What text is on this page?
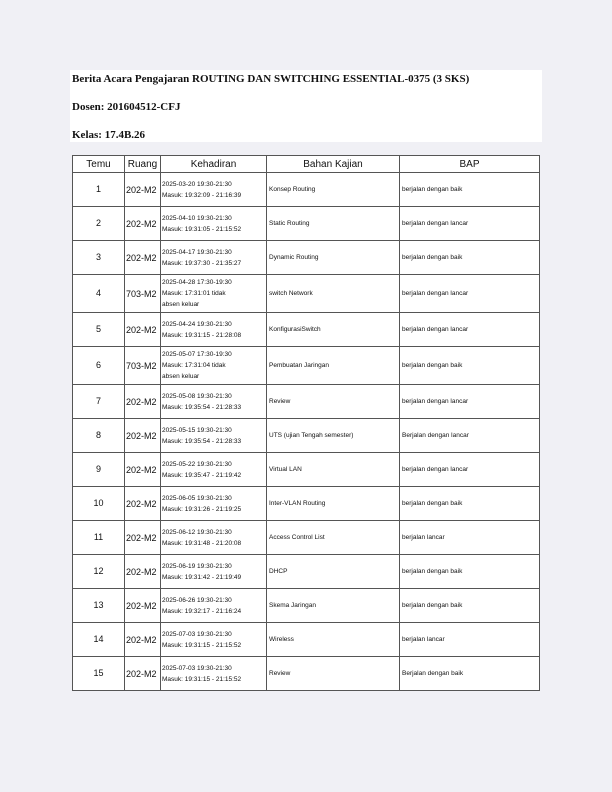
Berita Acara Pengajaran ROUTING DAN SWITCHING ESSENTIAL-0375 (3 SKS)
Dosen: 201604512-CFJ
Kelas: 17.4B.26
Temu	Ruang	Kehadiran	Bahan Kajian	BAP
1	202-M2	2025-03-20 19:30-21:30
Masuk: 19:32:09 - 21:16:39	Konsep Routing	berjalan dengan baik
2	202-M2	2025-04-10 19:30-21:30
Masuk: 19:31:05 - 21:15:52	Static Routing	berjalan dengan lancar
3	202-M2	2025-04-17 19:30-21:30
Masuk: 19:37:30 - 21:35:27	Dynamic Routing	berjalan dengan baik
4	703-M2	2025-04-28 17:30-19:30
Masuk: 17:31:01 tidak
absen keluar	switch Network	berjalan dengan lancar
5	202-M2	2025-04-24 19:30-21:30
Masuk: 19:31:15 - 21:28:08	KonfigurasiSwitch	berjalan dengan lancar
6	703-M2	2025-05-07 17:30-19:30
Masuk: 17:31:04 tidak
absen keluar	Pembuatan Jaringan	berjalan dengan baik
7	202-M2	2025-05-08 19:30-21:30
Masuk: 19:35:54 - 21:28:33	Review	berjalan dengan lancar
8	202-M2	2025-05-15 19:30-21:30
Masuk: 19:35:54 - 21:28:33	UTS (ujian Tengah semester)	Berjalan dengan lancar
9	202-M2	2025-05-22 19:30-21:30
Masuk: 19:35:47 - 21:19:42	Virtual LAN	berjalan dengan lancar
10	202-M2	2025-06-05 19:30-21:30
Masuk: 19:31:26 - 21:19:25	Inter-VLAN Routing	berjalan dengan baik
11	202-M2	2025-06-12 19:30-21:30
Masuk: 19:31:48 - 21:20:08	Access Control List	berjalan lancar
12	202-M2	2025-06-19 19:30-21:30
Masuk: 19:31:42 - 21:19:49	DHCP	berjalan dengan baik
13	202-M2	2025-06-26 19:30-21:30
Masuk: 19:32:17 - 21:16:24	Skema Jaringan	berjalan dengan baik
14	202-M2	2025-07-03 19:30-21:30
Masuk: 19:31:15 - 21:15:52	Wireless	berjalan lancar
15	202-M2	2025-07-03 19:30-21:30
Masuk: 19:31:15 - 21:15:52	Review	Berjalan dengan baik
